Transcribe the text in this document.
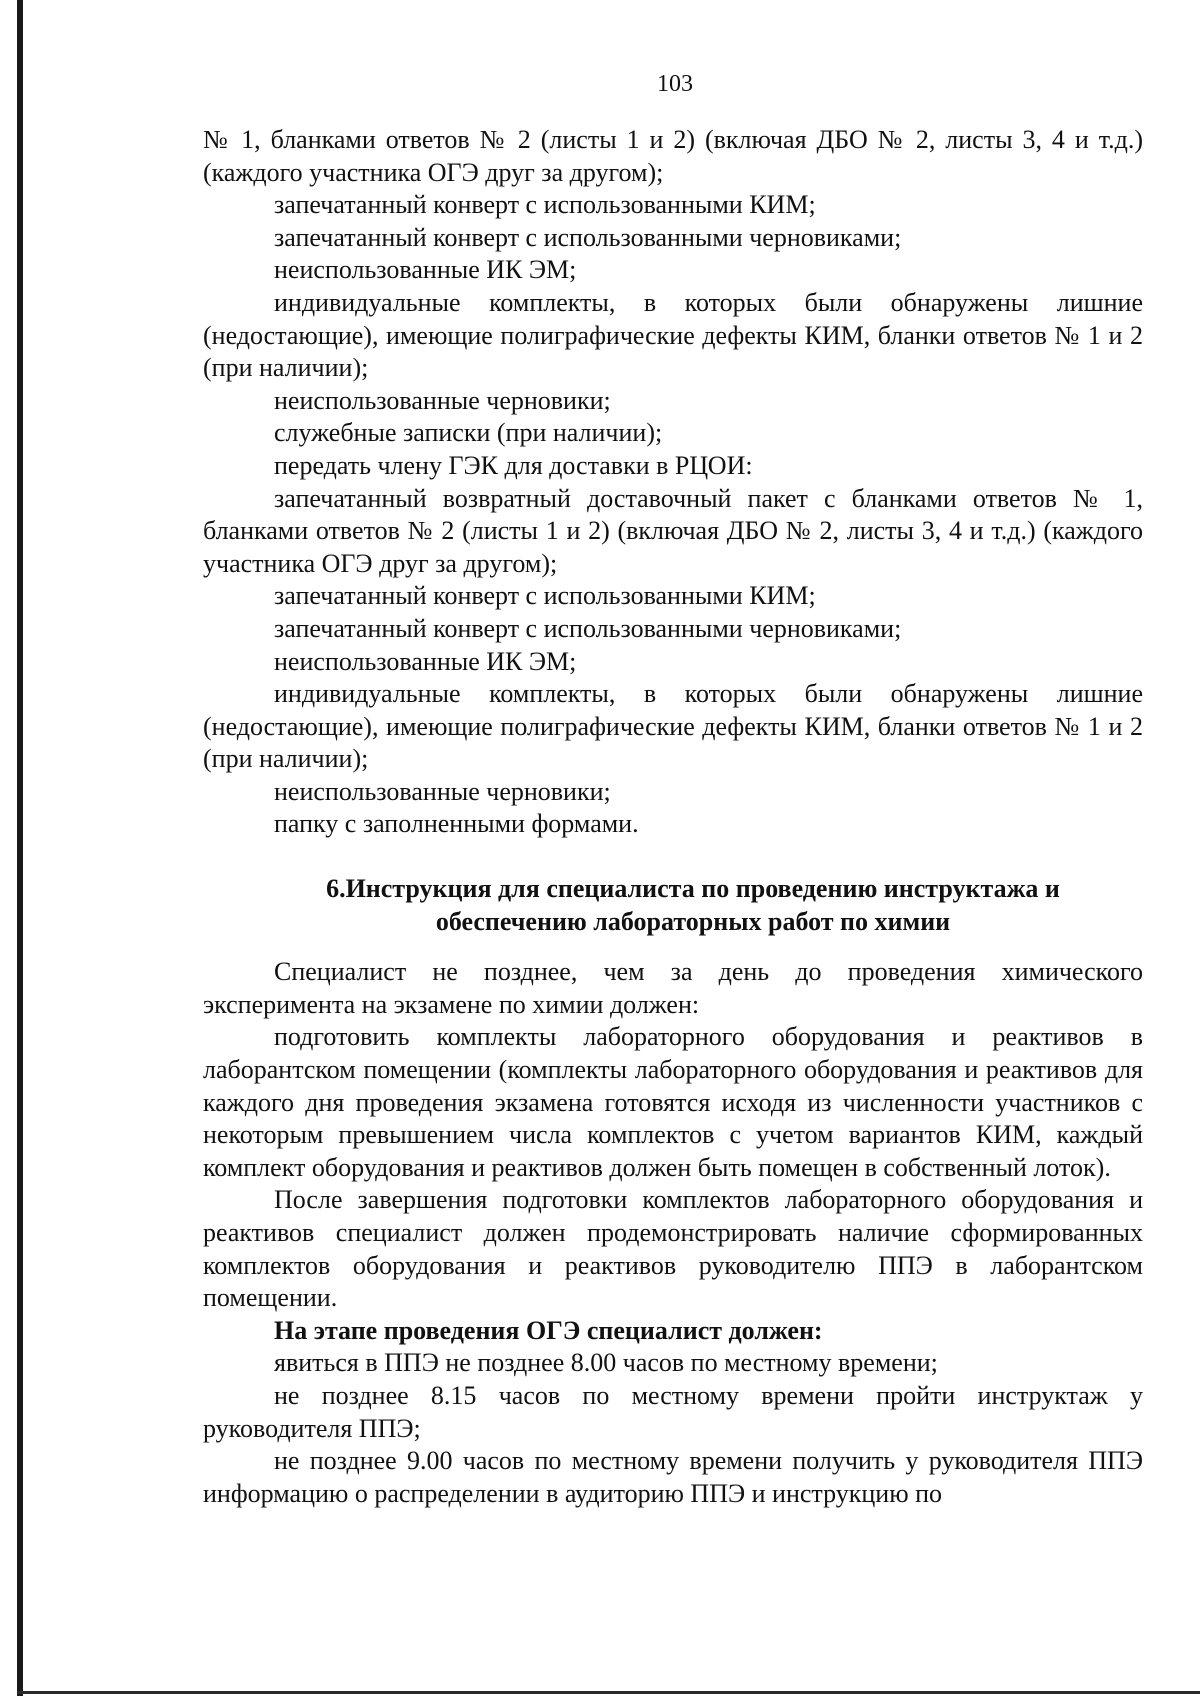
103

№ 1, бланками ответов № 2 (листы 1 и 2) (включая ДБО № 2, листы 3, 4 и т.д.) (каждого участника ОГЭ друг за другом);

запечатанный конверт с использованными КИМ;

запечатанный конверт с использованными черновиками;

неиспользованные ИК ЭМ;

индивидуальные комплекты, в которых были обнаружены лишние (недостающие), имеющие полиграфические дефекты КИМ, бланки ответов № 1 и 2 (при наличии);

неиспользованные черновики;

служебные записки (при наличии);

передать члену ГЭК для доставки в РЦОИ:

запечатанный возвратный доставочный пакет с бланками ответов № 1, бланками ответов № 2 (листы 1 и 2) (включая ДБО № 2, листы 3, 4 и т.д.) (каждого участника ОГЭ друг за другом);

запечатанный конверт с использованными КИМ;

запечатанный конверт с использованными черновиками;

неиспользованные ИК ЭМ;

индивидуальные комплекты, в которых были обнаружены лишние (недостающие), имеющие полиграфические дефекты КИМ, бланки ответов № 1 и 2 (при наличии);

неиспользованные черновики;

папку с заполненными формами.

6.Инструкция для специалиста по проведению инструктажа и
обеспечению лабораторных работ по химии

Специалист не позднее, чем за день до проведения химического эксперимента на экзамене по химии должен:

подготовить комплекты лабораторного оборудования и реактивов в лаборантском помещении (комплекты лабораторного оборудования и реактивов для каждого дня проведения экзамена готовятся исходя из численности участников с некоторым превышением числа комплектов с учетом вариантов КИМ, каждый комплект оборудования и реактивов должен быть помещен в собственный лоток).

После завершения подготовки комплектов лабораторного оборудования и реактивов специалист должен продемонстрировать наличие сформированных комплектов оборудования и реактивов руководителю ППЭ в лаборантском помещении.

На этапе проведения ОГЭ специалист должен:

явиться в ППЭ не позднее 8.00 часов по местному времени;

не позднее 8.15 часов по местному времени пройти инструктаж у руководителя ППЭ;

не позднее 9.00 часов по местному времени получить у руководителя ППЭ информацию о распределении в аудиторию ППЭ и инструкцию по
